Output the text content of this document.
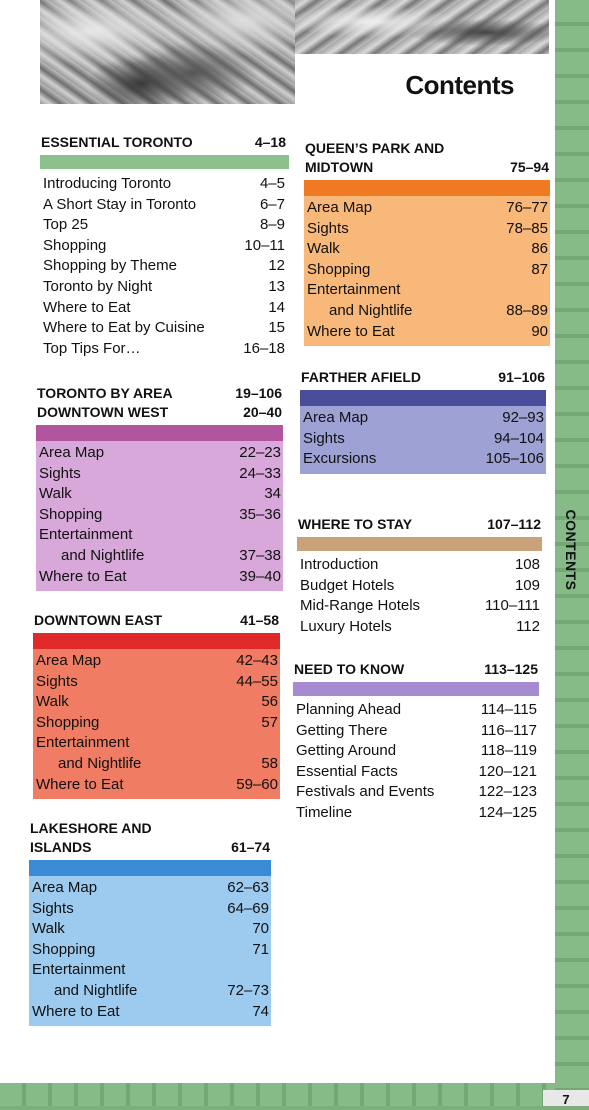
Contents
ESSENTIAL TORONTO	4–18
Introducing Toronto	4–5
A Short Stay in Toronto	6–7
Top 25	8–9
Shopping	10–11
Shopping by Theme	12
Toronto by Night	13
Where to Eat	14
Where to Eat by Cuisine	15
Top Tips For…	16–18
TORONTO BY AREA	19–106
DOWNTOWN WEST	20–40
Area Map	22–23
Sights	24–33
Walk	34
Shopping	35–36
Entertainment
and Nightlife	37–38
Where to Eat	39–40
DOWNTOWN EAST	41–58
Area Map	42–43
Sights	44–55
Walk	56
Shopping	57
Entertainment
and Nightlife	58
Where to Eat	59–60
LAKESHORE AND
ISLANDS	61–74
Area Map	62–63
Sights	64–69
Walk	70
Shopping	71
Entertainment
and Nightlife	72–73
Where to Eat	74
QUEEN’S PARK AND
MIDTOWN	75–94
Area Map	76–77
Sights	78–85
Walk	86
Shopping	87
Entertainment
and Nightlife	88–89
Where to Eat	90
FARTHER AFIELD	91–106
Area Map	92–93
Sights	94–104
Excursions	105–106
WHERE TO STAY	107–112
Introduction	108
Budget Hotels	109
Mid-Range Hotels	110–111
Luxury Hotels	112
NEED TO KNOW	113–125
Planning Ahead	114–115
Getting There	116–117
Getting Around	118–119
Essential Facts	120–121
Festivals and Events	122–123
Timeline	124–125
CONTENTS
7
